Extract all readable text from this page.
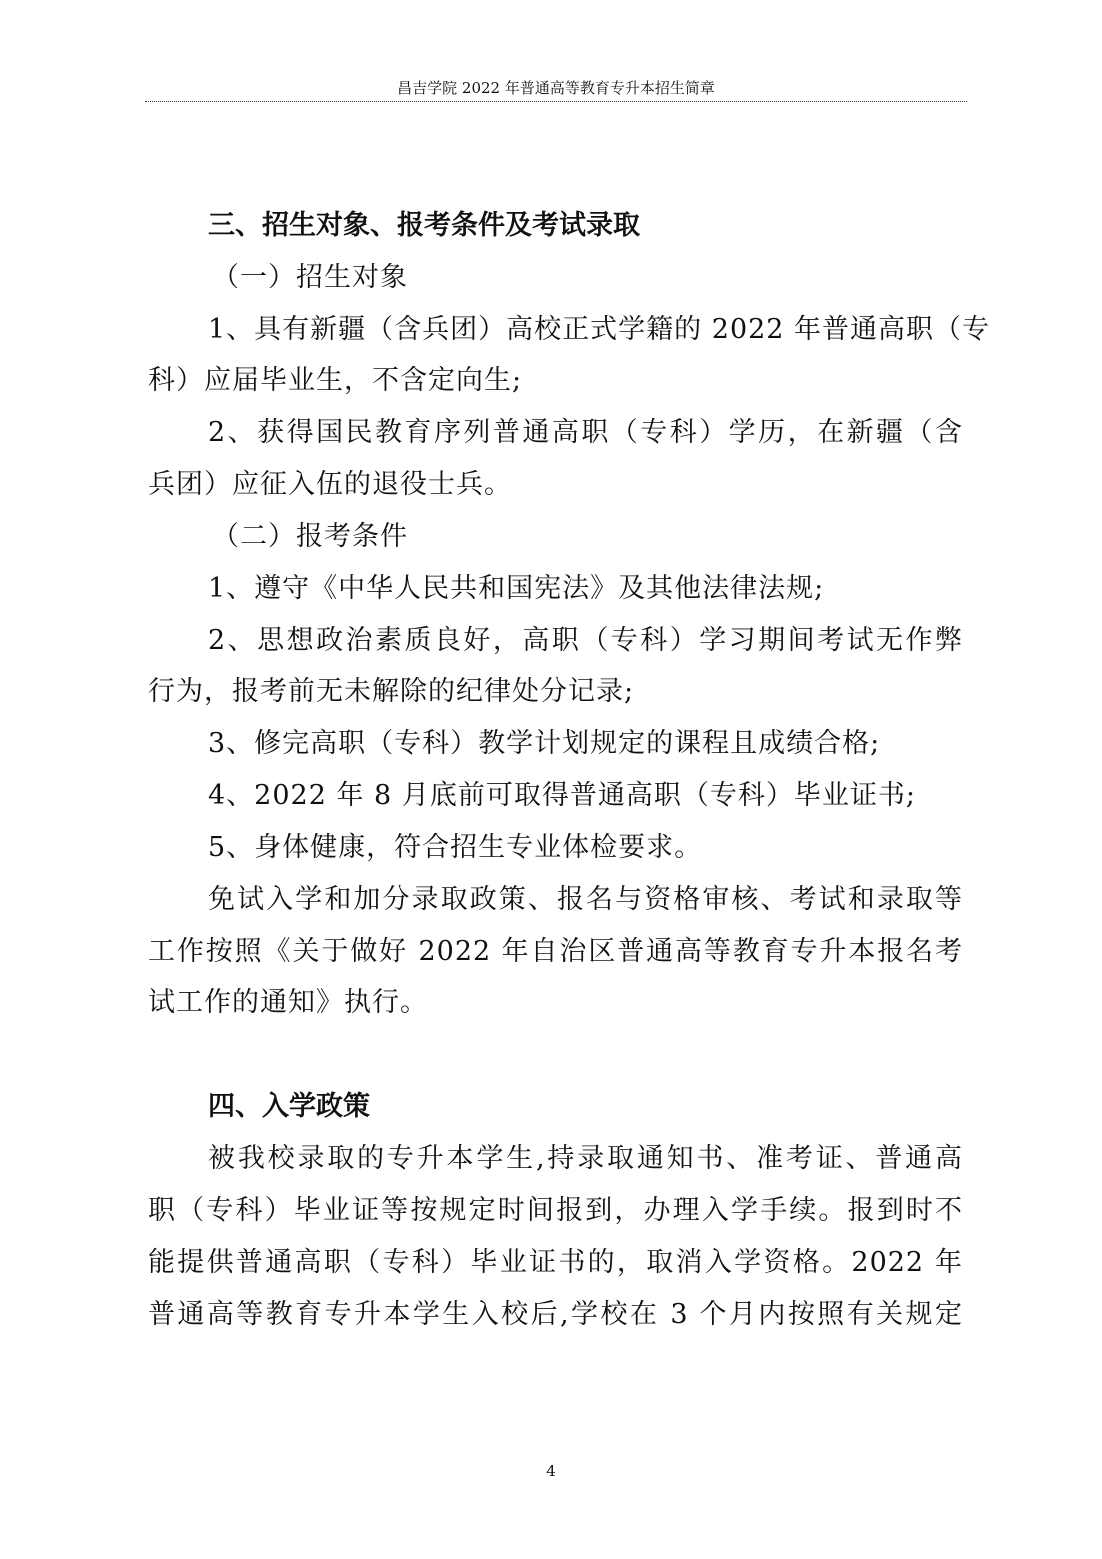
昌吉学院 2022 年普通高等教育专升本招生简章
三、招生对象、报考条件及考试录取
（一）招生对象
1、具有新疆（含兵团）高校正式学籍的 2022 年普通高职（专
科）应届毕业生，不含定向生;
2、获得国民教育序列普通高职（专科）学历，在新疆（含
兵团）应征入伍的退役士兵。
（二）报考条件
1、遵守《中华人民共和国宪法》及其他法律法规;
2、思想政治素质良好，高职（专科）学习期间考试无作弊
行为，报考前无未解除的纪律处分记录;
3、修完高职（专科）教学计划规定的课程且成绩合格;
4、2022 年 8 月底前可取得普通高职（专科）毕业证书;
5、身体健康，符合招生专业体检要求。
免试入学和加分录取政策、报名与资格审核、考试和录取等
工作按照《关于做好 2022 年自治区普通高等教育专升本报名考
试工作的通知》执行。
四、入学政策
被我校录取的专升本学生,持录取通知书、准考证、普通高
职（专科）毕业证等按规定时间报到，办理入学手续。报到时不
能提供普通高职（专科）毕业证书的，取消入学资格。2022 年
普通高等教育专升本学生入校后,学校在 3 个月内按照有关规定
4
